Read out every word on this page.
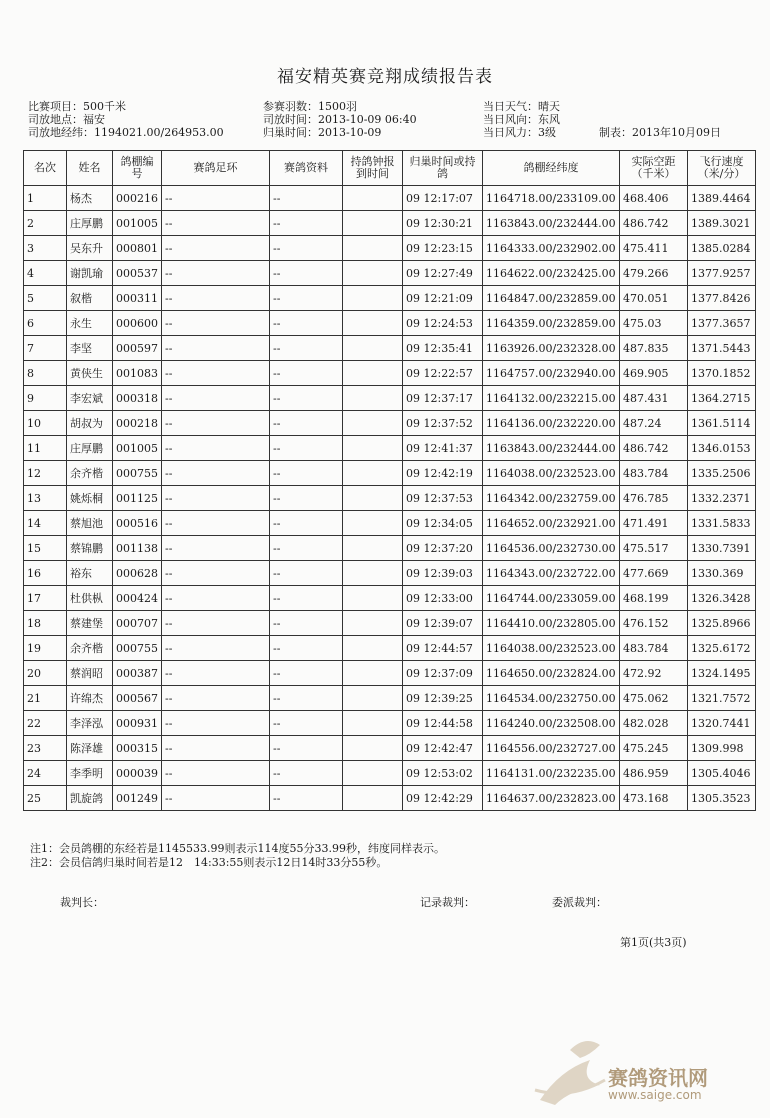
福安精英赛竞翔成绩报告表
比赛项目：500千米	参赛羽数：1500羽	当日天气：晴天
司放地点：福安	司放时间：2013-10-09 06:40	当日风向：东风
司放地经纬：1194021.00/264953.00	归巢时间：2013-10-09	当日风力：3级	制表：2013年10月09日
名次	姓名	鸽棚编号	赛鸽足环	赛鸽资料	持鸽钟报到时间	归巢时间或持鸽	鸽棚经纬度	实际空距（千米）	飞行速度（米/分）
1	杨杰	000216	--	--		09 12:17:07	1164718.00/233109.00	468.406	1389.4464
2	庄厚鹏	001005	--	--		09 12:30:21	1163843.00/232444.00	486.742	1389.3021
3	吴东升	000801	--	--		09 12:23:15	1164333.00/232902.00	475.411	1385.0284
4	谢凯瑜	000537	--	--		09 12:27:49	1164622.00/232425.00	479.266	1377.9257
5	叙楷	000311	--	--		09 12:21:09	1164847.00/232859.00	470.051	1377.8426
6	永生	000600	--	--		09 12:24:53	1164359.00/232859.00	475.03	1377.3657
7	李坚	000597	--	--		09 12:35:41	1163926.00/232328.00	487.835	1371.5443
8	黄侠生	001083	--	--		09 12:22:57	1164757.00/232940.00	469.905	1370.1852
9	李宏斌	000318	--	--		09 12:37:17	1164132.00/232215.00	487.431	1364.2715
10	胡叔为	000218	--	--		09 12:37:52	1164136.00/232220.00	487.24	1361.5114
11	庄厚鹏	001005	--	--		09 12:41:37	1163843.00/232444.00	486.742	1346.0153
12	余齐楷	000755	--	--		09 12:42:19	1164038.00/232523.00	483.784	1335.2506
13	姚烁桐	001125	--	--		09 12:37:53	1164342.00/232759.00	476.785	1332.2371
14	蔡旭池	000516	--	--		09 12:34:05	1164652.00/232921.00	471.491	1331.5833
15	蔡锦鹏	001138	--	--		09 12:37:20	1164536.00/232730.00	475.517	1330.7391
16	裕东	000628	--	--		09 12:39:03	1164343.00/232722.00	477.669	1330.369
17	杜供枞	000424	--	--		09 12:33:00	1164744.00/233059.00	468.199	1326.3428
18	蔡建堡	000707	--	--		09 12:39:07	1164410.00/232805.00	476.152	1325.8966
19	余齐楷	000755	--	--		09 12:44:57	1164038.00/232523.00	483.784	1325.6172
20	蔡润昭	000387	--	--		09 12:37:09	1164650.00/232824.00	472.92	1324.1495
21	许绵杰	000567	--	--		09 12:39:25	1164534.00/232750.00	475.062	1321.7572
22	李泽泓	000931	--	--		09 12:44:58	1164240.00/232508.00	482.028	1320.7441
23	陈泽雄	000315	--	--		09 12:42:47	1164556.00/232727.00	475.245	1309.998
24	李季明	000039	--	--		09 12:53:02	1164131.00/232235.00	486.959	1305.4046
25	凯旋鸽	001249	--	--		09 12:42:29	1164637.00/232823.00	473.168	1305.3523
注1：会员鸽棚的东经若是1145533.99则表示114度55分33.99秒，纬度同样表示。
注2：会员信鸽归巢时间若是12　14:33:55则表示12日14时33分55秒。
裁判长：	记录裁判：	委派裁判：
第1页(共3页)
赛鸽资讯网
www.saige.com
